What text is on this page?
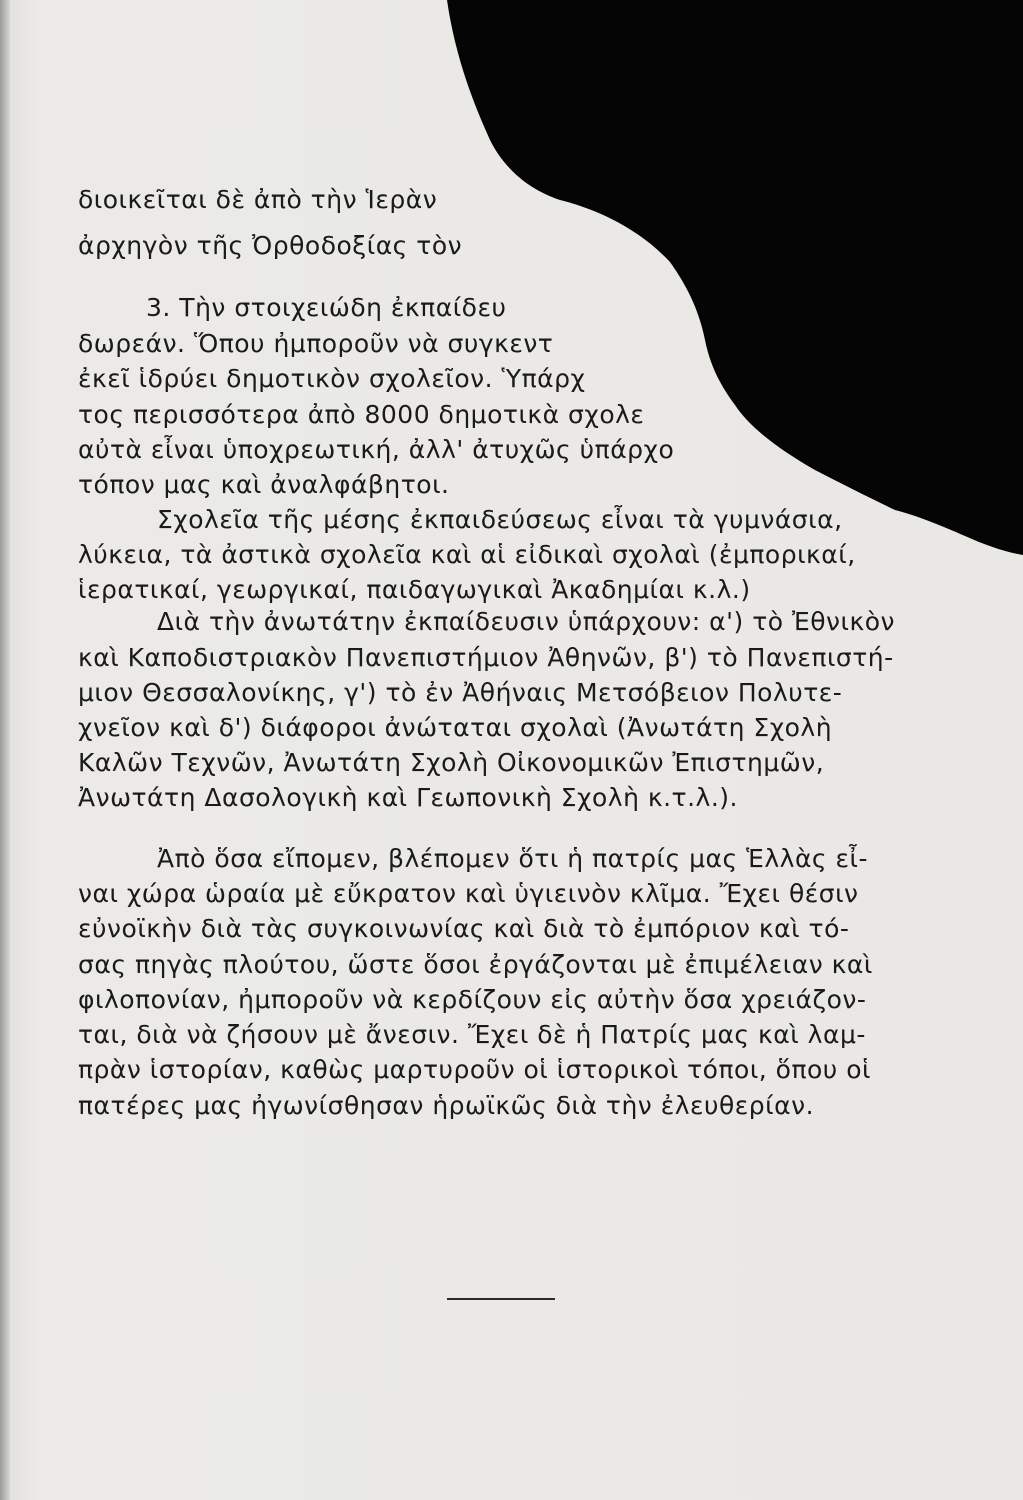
διοικεῖται δὲ ἀπὸ τὴν Ἱερὰν

ἀρχηγὸν τῆς Ὀρθοδοξίας τὸν

3. Τὴν στοιχειώδη ἐκπαίδευ

δωρεάν. Ὅπου ἠμποροῦν νὰ συγκεντ

ἐκεῖ ἱδρύει δημοτικὸν σχολεῖον. Ὑπάρχ

τος περισσότερα ἀπὸ 8000 δημοτικὰ σχολε

αὐτὰ εἶναι ὑποχρεωτική, ἀλλ' ἀτυχῶς ὑπάρχο

τόπον μας καὶ ἀναλφάβητοι.

Σχολεῖα τῆς μέσης ἐκπαιδεύσεως εἶναι τὰ γυμνάσια,

λύκεια, τὰ ἀστικὰ σχολεῖα καὶ αἱ εἰδικαὶ σχολαὶ (ἐμπορικαί,

ἱερατικαί, γεωργικαί, παιδαγωγικαὶ Ἀκαδημίαι κ.λ.)

Διὰ τὴν ἀνωτάτην ἐκπαίδευσιν ὑπάρχουν: α') τὸ Ἐθνικὸν

καὶ Καποδιστριακὸν Πανεπιστήμιον Ἀθηνῶν, β') τὸ Πανεπιστή-

μιον Θεσσαλονίκης, γ') τὸ ἐν Ἀθήναις Μετσόβειον Πολυτε-

χνεῖον καὶ δ') διάφοροι ἀνώταται σχολαὶ (Ἀνωτάτη Σχολὴ

Καλῶν Τεχνῶν, Ἀνωτάτη Σχολὴ Οἰκονομικῶν Ἐπιστημῶν,

Ἀνωτάτη Δασολογικὴ καὶ Γεωπονικὴ Σχολὴ κ.τ.λ.).

Ἀπὸ ὅσα εἴπομεν, βλέπομεν ὅτι ἡ πατρίς μας Ἑλλὰς εἶ-

ναι χώρα ὡραία μὲ εὔκρατον καὶ ὑγιεινὸν κλῖμα. Ἔχει θέσιν

εὐνοϊκὴν διὰ τὰς συγκοινωνίας καὶ διὰ τὸ ἐμπόριον καὶ τό-

σας πηγὰς πλούτου, ὥστε ὅσοι ἐργάζονται μὲ ἐπιμέλειαν καὶ

φιλοπονίαν, ἠμποροῦν νὰ κερδίζουν εἰς αὐτὴν ὅσα χρειάζον-

ται, διὰ νὰ ζήσουν μὲ ἄνεσιν. Ἔχει δὲ ἡ Πατρίς μας καὶ λαμ-

πρὰν ἱστορίαν, καθὼς μαρτυροῦν οἱ ἱστορικοὶ τόποι, ὅπου οἱ

πατέρες μας ἠγωνίσθησαν ἡρωϊκῶς διὰ τὴν ἐλευθερίαν.
